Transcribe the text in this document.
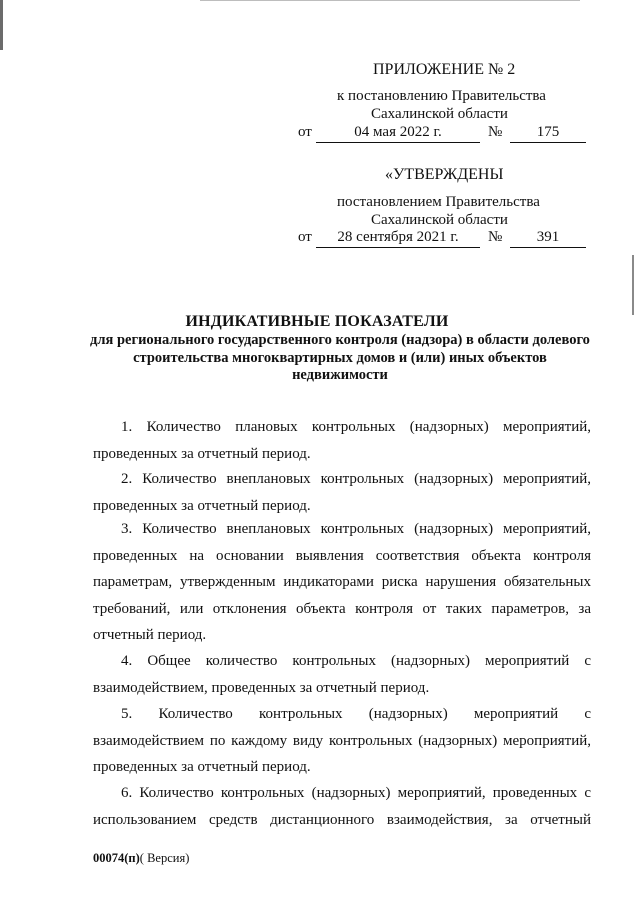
ПРИЛОЖЕНИЕ № 2
к постановлению Правительства
Сахалинской области
от	04 мая 2022 г.	№	175
«УТВЕРЖДЕНЫ
постановлением Правительства
Сахалинской области
от	28 сентября 2021 г.	№	391
ИНДИКАТИВНЫЕ ПОКАЗАТЕЛИ
для регионального государственного контроля (надзора) в области долевого строительства многоквартирных домов и (или) иных объектов недвижимости
1. Количество плановых контрольных (надзорных) мероприятий, проведенных за отчетный период.
2. Количество внеплановых контрольных (надзорных) мероприятий, проведенных за отчетный период.
3. Количество внеплановых контрольных (надзорных) мероприятий, проведенных на основании выявления соответствия объекта контроля параметрам, утвержденным индикаторами риска нарушения обязательных требований, или отклонения объекта контроля от таких параметров, за отчетный период.
4. Общее количество контрольных (надзорных) мероприятий с взаимодействием, проведенных за отчетный период.
5. Количество контрольных (надзорных) мероприятий с взаимодействием по каждому виду контрольных (надзорных) мероприятий, проведенных за отчетный период.
6. Количество контрольных (надзорных) мероприятий, проведенных с использованием средств дистанционного взаимодействия, за отчетный
00074(п)( Версия)
